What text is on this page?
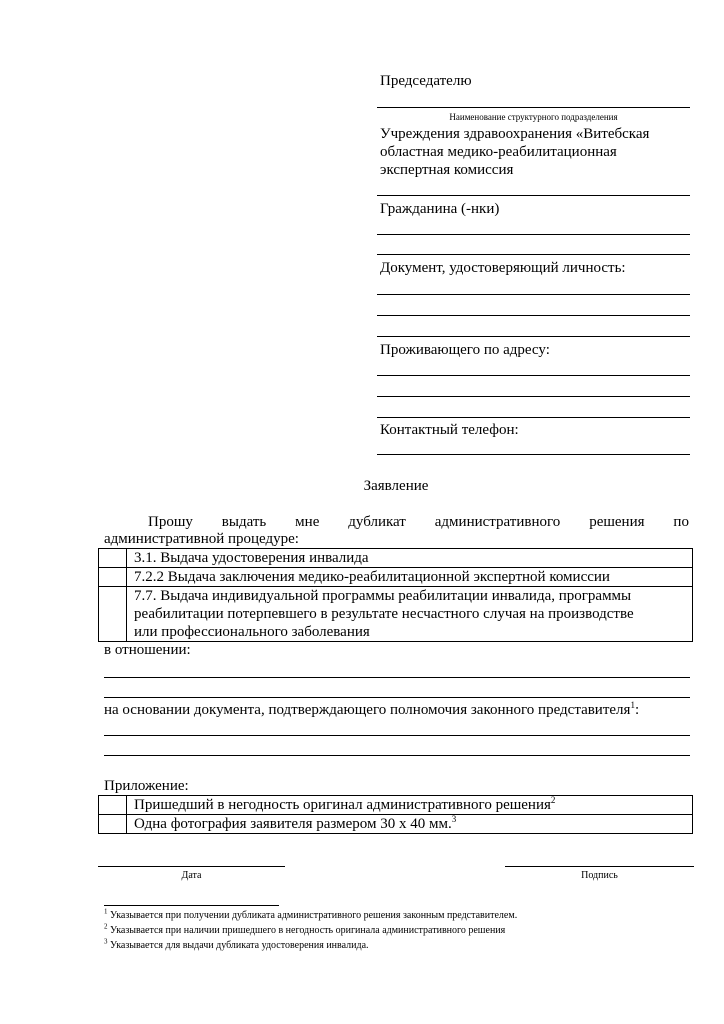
Председателю
Наименование структурного подразделения
Учреждения здравоохранения «Витебская
областная медико-реабилитационная
экспертная комиссия
Гражданина (-нки)
Документ, удостоверяющий личность:
Проживающего по адресу:
Контактный телефон:
Заявление
Прошу выдать мне дубликат административного решения по
административной процедуре:

	3.1. Выдача удостоверения инвалида

	7.2.2 Выдача заключения медико-реабилитационной экспертной комиссии

	7.7. Выдача индивидуальной программы реабилитации инвалида, программы
реабилитации потерпевшего в результате несчастного случая на производстве
или профессионального заболевания
в отношении:
на основании документа, подтверждающего полномочия законного представителя$^1$:
Приложение:
	Пришедший в негодность оригинал административного решения$^2$
	Одна фотография заявителя размером 30 х 40 мм.$^3$
Дата	Подпись
$^1$ Указывается при получении дубликата административного решения законным представителем.
$^2$ Указывается при наличии пришедшего в негодность оригинала административного решения
$^3$ Указывается для выдачи дубликата удостоверения инвалида.
